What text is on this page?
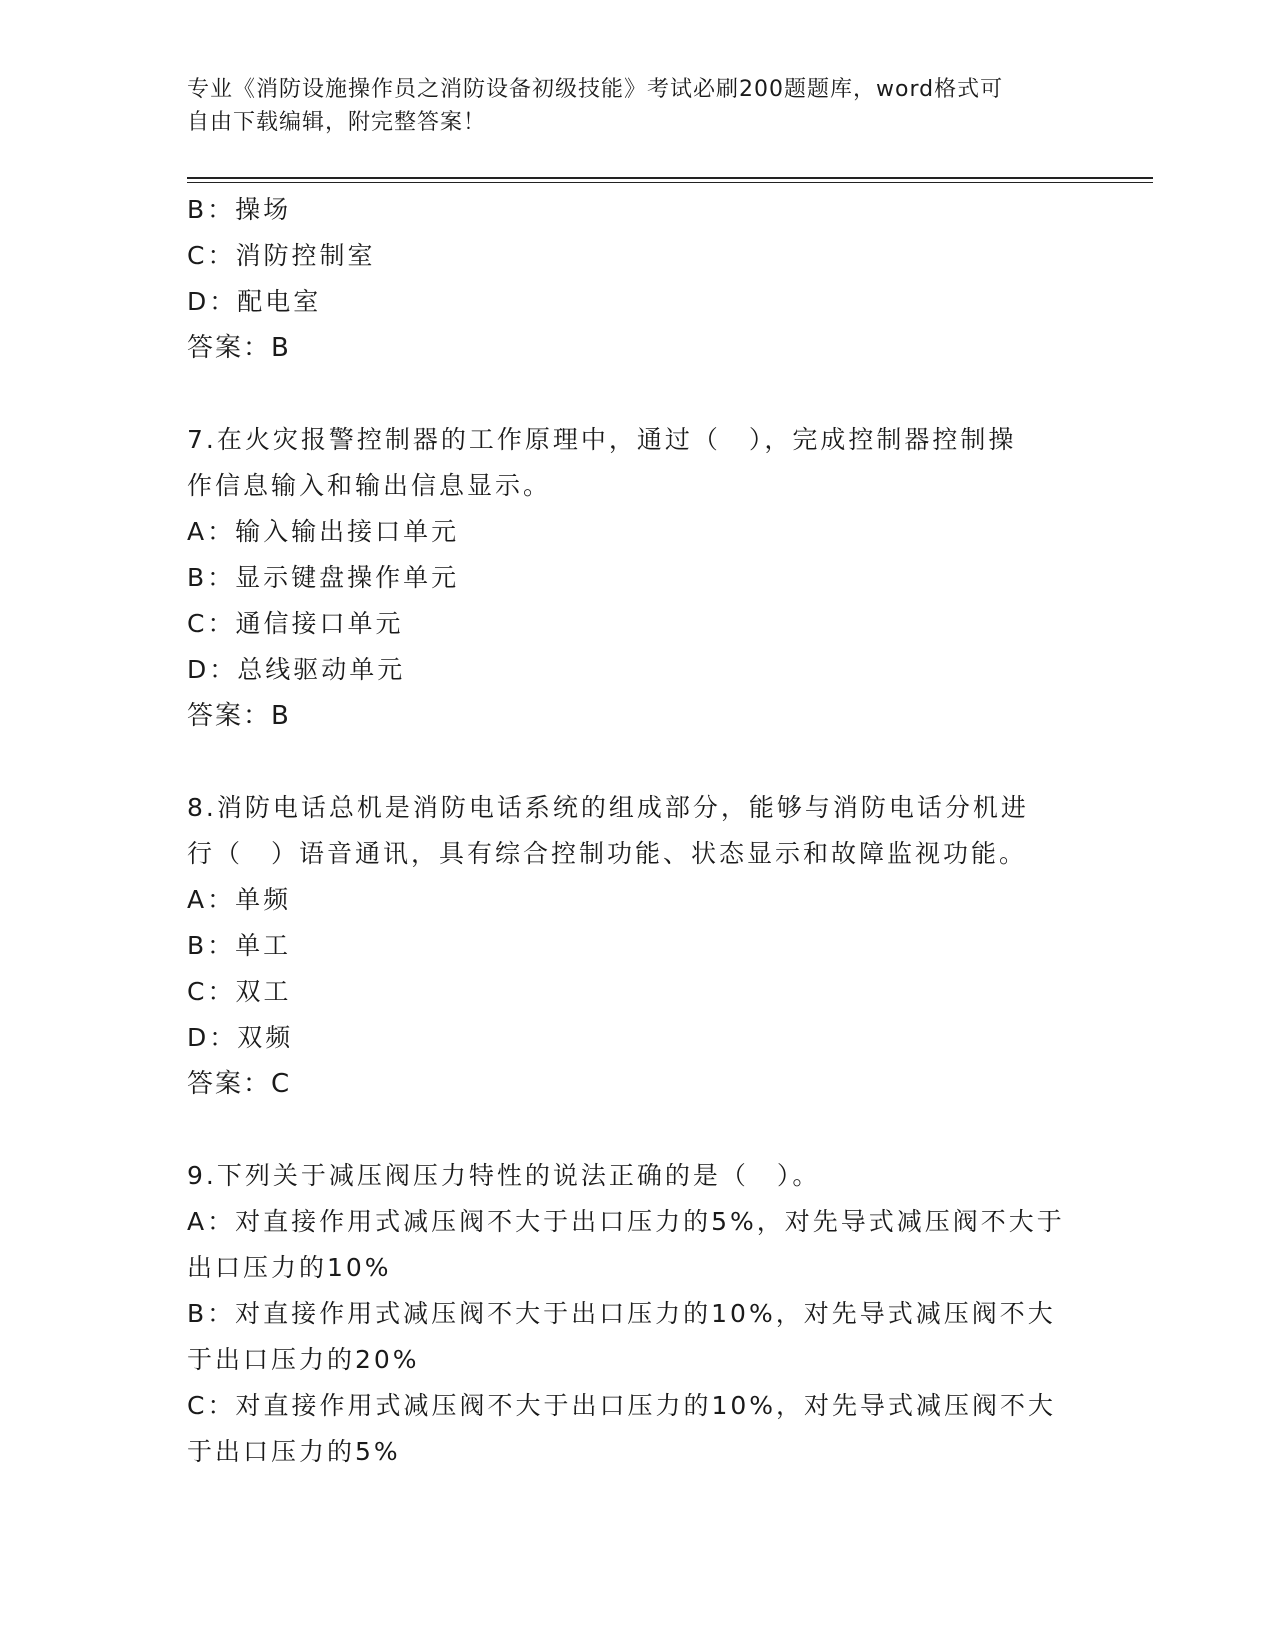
专业《消防设施操作员之消防设备初级技能》考试必刷200题题库，word格式可
自由下载编辑，附完整答案！
B：操场
C：消防控制室
D：配电室
答案：B
7.在火灾报警控制器的工作原理中，通过（　），完成控制器控制操
作信息输入和输出信息显示。
A：输入输出接口单元
B：显示键盘操作单元
C：通信接口单元
D：总线驱动单元
答案：B
8.消防电话总机是消防电话系统的组成部分，能够与消防电话分机进
行（　）语音通讯，具有综合控制功能、状态显示和故障监视功能。
A：单频
B：单工
C：双工
D：双频
答案：C
9.下列关于减压阀压力特性的说法正确的是（　）。
A：对直接作用式减压阀不大于出口压力的5%，对先导式减压阀不大于
出口压力的10%
B：对直接作用式减压阀不大于出口压力的10%，对先导式减压阀不大
于出口压力的20%
C：对直接作用式减压阀不大于出口压力的10%，对先导式减压阀不大
于出口压力的5%
